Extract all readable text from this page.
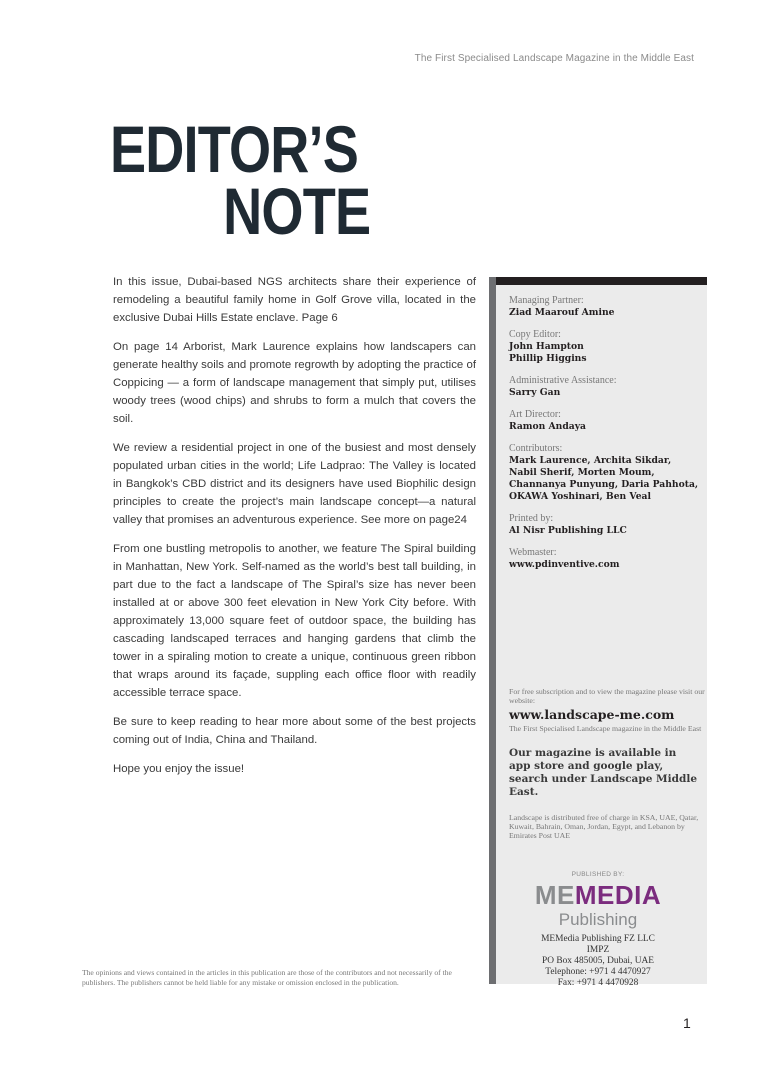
The First Specialised Landscape Magazine in the Middle East
EDITOR’S
NOTE

In this issue, Dubai-based NGS architects share their experience of remodeling a beautiful family home in Golf Grove villa, located in the exclusive Dubai Hills Estate enclave. Page 6

On page 14 Arborist, Mark Laurence explains how landscapers can generate healthy soils and promote regrowth by adopting the practice of Coppicing — a form of landscape management that simply put, utilises woody trees (wood chips) and shrubs to form a mulch that covers the soil.

We review a residential project in one of the busiest and most densely populated urban cities in the world; Life Ladprao: The Valley is located in Bangkok’s CBD district and its designers have used Biophilic design principles to create the project’s main landscape concept—a natural valley that promises an adventurous experience. See more on page24

From one bustling metropolis to another, we feature The Spiral building in Manhattan, New York. Self-named as the world’s best tall building, in part due to the fact a landscape of The Spiral’s size has never been installed at or above 300 feet elevation in New York City before. With approximately 13,000 square feet of outdoor space, the building has cascading landscaped terraces and hanging gardens that climb the tower in a spiraling motion to create a unique, continuous green ribbon that wraps around its façade, suppling each office floor with readily accessible terrace space.

Be sure to keep reading to hear more about some of the best projects coming out of India, China and Thailand.

Hope you enjoy the issue!

The opinions and views contained in the articles in this publication are those of the contributors and not necessarily of the publishers. The publishers cannot be held liable for any mistake or omission enclosed in the publication.
Managing Partner:
Ziad Maarouf Amine
Copy Editor:
John Hampton
Phillip Higgins
Administrative Assistance:
Sarry Gan
Art Director:
Ramon Andaya
Contributors:
Mark Laurence, Archita Sikdar,
Nabil Sherif, Morten Moum,
Channanya Punyung, Daria Pahhota,
OKAWA Yoshinari, Ben Veal
Printed by:
Al Nisr Publishing LLC
Webmaster:
www.pdinventive.com
For free subscription and to view the magazine please visit our website:
www.landscape-me.com
The First Specialised Landscape magazine in the Middle East
Our magazine is available in app store and google play, search under Landscape Middle East.
Landscape is distributed free of charge in KSA, UAE, Qatar, Kuwait, Bahrain, Oman, Jordan, Egypt, and Lebanon by Emirates Post UAE
PUBLISHED BY:
MEMEDIA
Publishing
MEMedia Publishing FZ LLC
IMPZ
PO Box 485005, Dubai, UAE
Telephone: +971 4 4470927
Fax: +971 4 4470928
1
